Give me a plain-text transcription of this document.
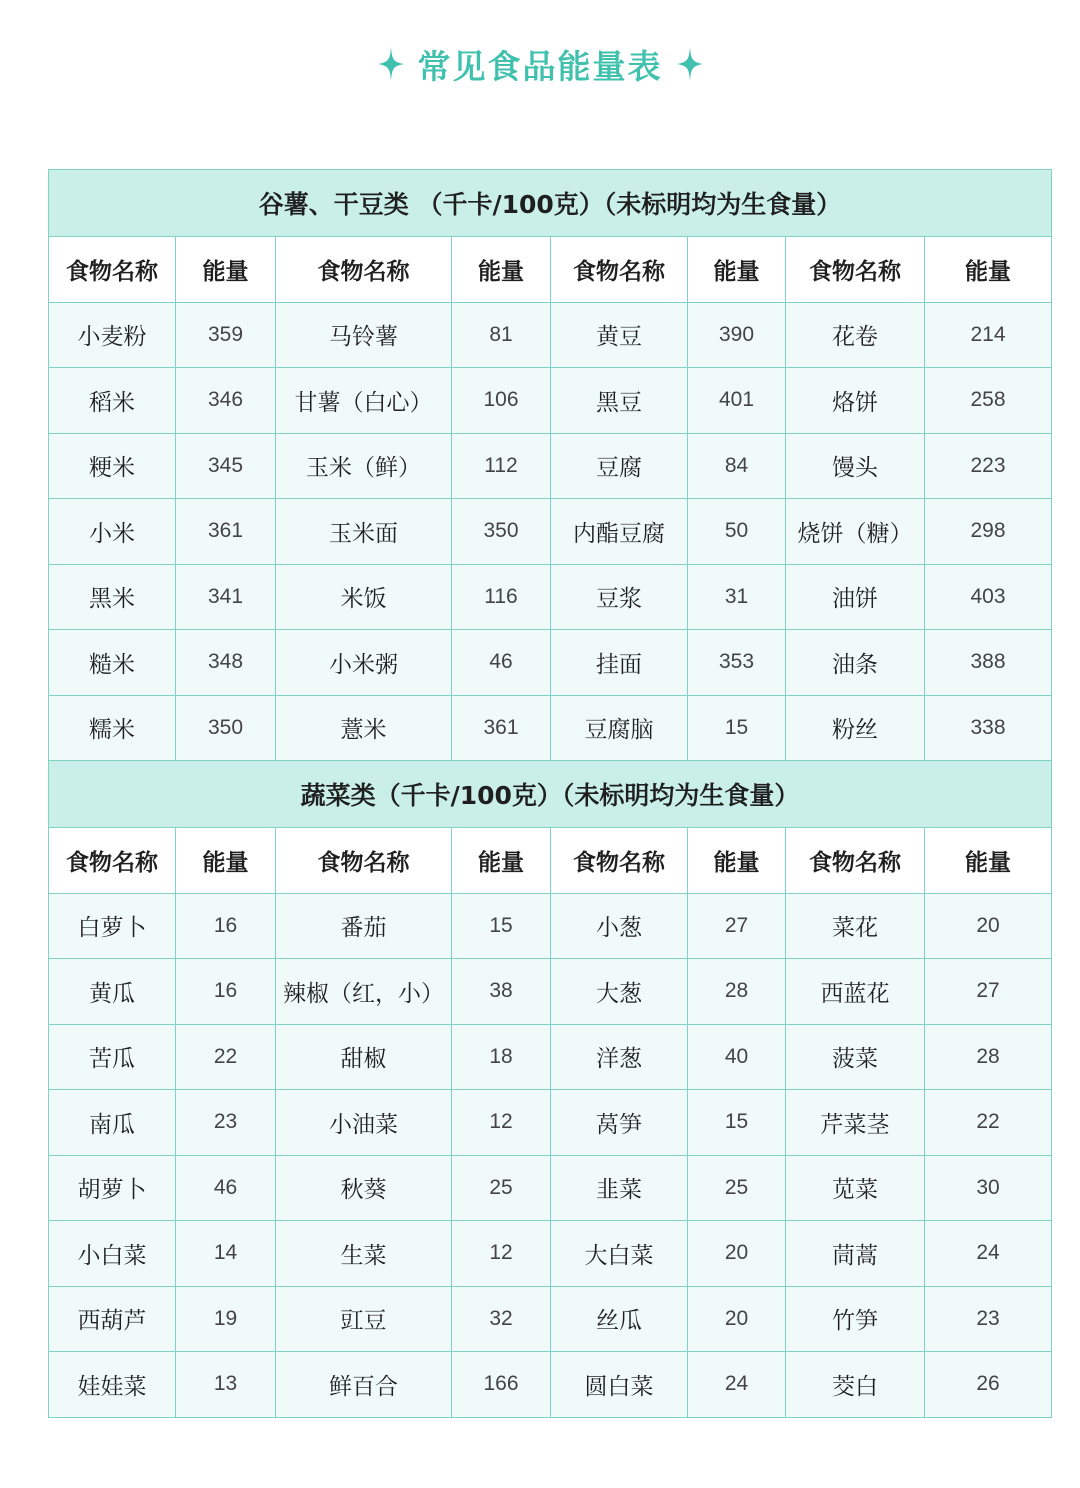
常见食品能量表
谷薯、干豆类 （千卡/100克）（未标明均为生食量）							
食物名称	能量	食物名称	能量	食物名称	能量	食物名称	能量
小麦粉	359	马铃薯	81	黄豆	390	花卷	214
稻米	346	甘薯（白心）	106	黑豆	401	烙饼	258
粳米	345	玉米（鲜）	112	豆腐	84	馒头	223
小米	361	玉米面	350	内酯豆腐	50	烧饼（糖）	298
黑米	341	米饭	116	豆浆	31	油饼	403
糙米	348	小米粥	46	挂面	353	油条	388
糯米	350	薏米	361	豆腐脑	15	粉丝	338
蔬菜类（千卡/100克）（未标明均为生食量）							
食物名称	能量	食物名称	能量	食物名称	能量	食物名称	能量
白萝卜	16	番茄	15	小葱	27	菜花	20
黄瓜	16	辣椒（红，小）	38	大葱	28	西蓝花	27
苦瓜	22	甜椒	18	洋葱	40	菠菜	28
南瓜	23	小油菜	12	莴笋	15	芹菜茎	22
胡萝卜	46	秋葵	25	韭菜	25	苋菜	30
小白菜	14	生菜	12	大白菜	20	茼蒿	24
西葫芦	19	豇豆	32	丝瓜	20	竹笋	23
娃娃菜	13	鲜百合	166	圆白菜	24	茭白	26
